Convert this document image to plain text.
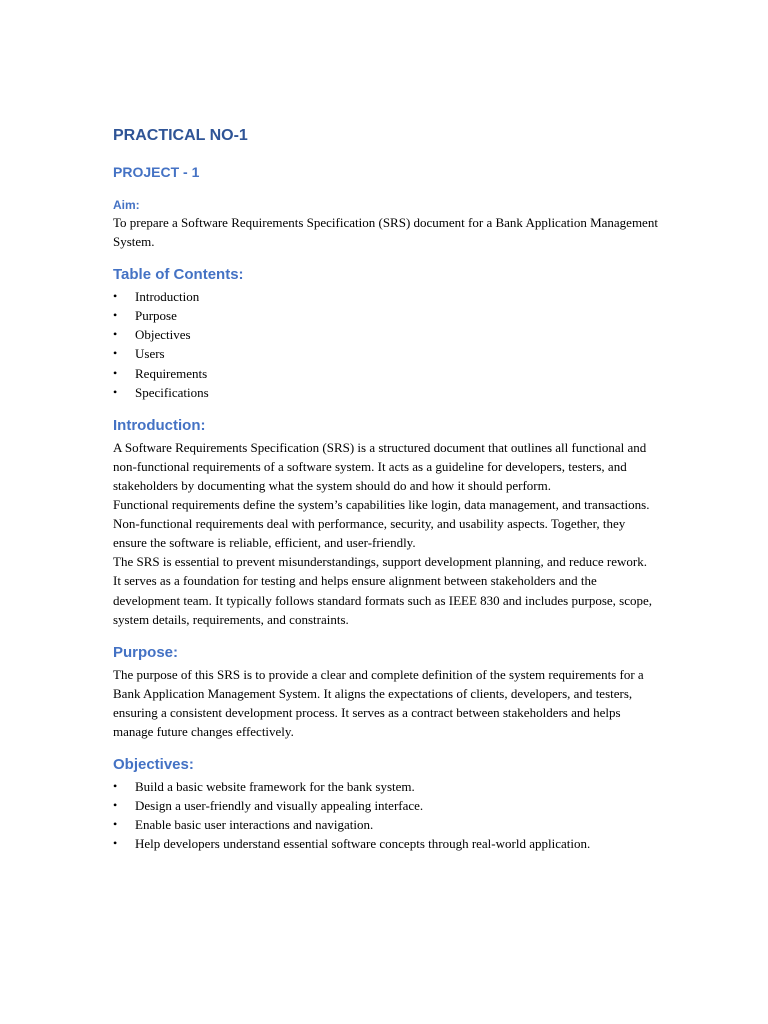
PRACTICAL NO-1
PROJECT - 1
Aim:

To prepare a Software Requirements Specification (SRS) document for a Bank Application Management System.

Table of Contents:
• Introduction
• Purpose
• Objectives
• Users
• Requirements
• Specifications
Introduction:

A Software Requirements Specification (SRS) is a structured document that outlines all functional and non-functional requirements of a software system. It acts as a guideline for developers, testers, and stakeholders by documenting what the system should do and how it should perform.

Functional requirements define the system’s capabilities like login, data management, and transactions. Non-functional requirements deal with performance, security, and usability aspects. Together, they ensure the software is reliable, efficient, and user-friendly.

The SRS is essential to prevent misunderstandings, support development planning, and reduce rework. It serves as a foundation for testing and helps ensure alignment between stakeholders and the development team. It typically follows standard formats such as IEEE 830 and includes purpose, scope, system details, requirements, and constraints.

Purpose:

The purpose of this SRS is to provide a clear and complete definition of the system requirements for a Bank Application Management System. It aligns the expectations of clients, developers, and testers, ensuring a consistent development process. It serves as a contract between stakeholders and helps manage future changes effectively.

Objectives:
• Build a basic website framework for the bank system.
• Design a user-friendly and visually appealing interface.
• Enable basic user interactions and navigation.
• Help developers understand essential software concepts through real-world application.
